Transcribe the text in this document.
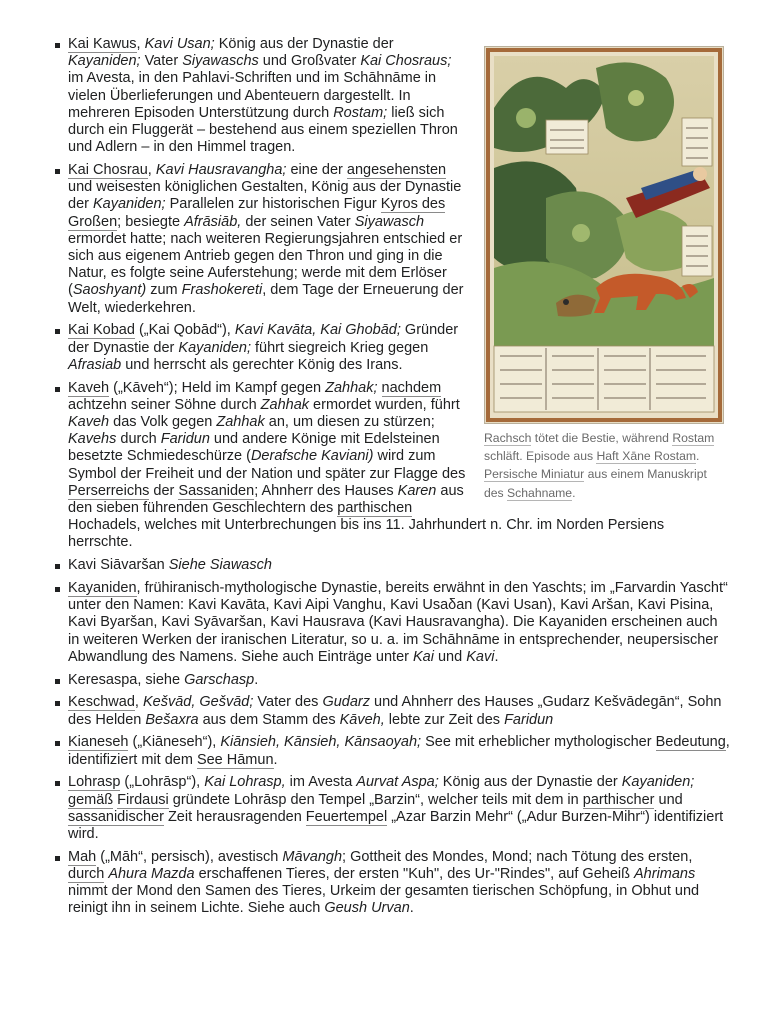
Rachsch tötet die Bestie, während Rostam schläft. Episode aus Haft Xāne Rostam. Persische Miniatur aus einem Manuskript des Schahname.
Kai Kawus, Kavi Usan; König aus der Dynastie der Kayaniden; Vater Siyawaschs und Großvater Kai Chosraus; im Avesta, in den Pahlavi-Schriften und im Schāhnāme in vielen Überlieferungen und Abenteuern dargestellt. In mehreren Episoden Unterstützung durch Rostam; ließ sich durch ein Fluggerät – bestehend aus einem speziellen Thron und Adlern – in den Himmel tragen.
Kai Chosrau, Kavi Hausravangha; eine der angesehensten und weisesten königlichen Gestalten, König aus der Dynastie der Kayaniden; Parallelen zur historischen Figur Kyros des Großen; besiegte Afrāsiāb, der seinen Vater Siyawasch ermordet hatte; nach weiteren Regierungsjahren entschied er sich aus eigenem Antrieb gegen den Thron und ging in die Natur, es folgte seine Auferstehung; werde mit dem Erlöser (Saoshyant) zum Frashokereti, dem Tage der Erneuerung der Welt, wiederkehren.
Kai Kobad („Kai Qobād“), Kavi Kavāta, Kai Ghobād; Gründer der Dynastie der Kayaniden; führt siegreich Krieg gegen Afrasiab und herrscht als gerechter König des Irans.
Kaveh („Kāveh“); Held im Kampf gegen Zahhak; nachdem achtzehn seiner Söhne durch Zahhak ermordet wurden, führt Kaveh das Volk gegen Zahhak an, um diesen zu stürzen; Kavehs durch Faridun und andere Könige mit Edelsteinen besetzte Schmiedeschürze (Derafsche Kaviani) wird zum Symbol der Freiheit und der Nation und später zur Flagge des Perserreichs der Sassaniden; Ahnherr des Hauses Karen aus den sieben führenden Geschlechtern des parthischen Hochadels, welches mit Unterbrechungen bis ins 11. Jahrhundert n. Chr. im Norden Persiens herrschte.
Kavi Siāvaršan Siehe Siawasch
Kayaniden, frühiranisch-mythologische Dynastie, bereits erwähnt in den Yaschts; im „Farvardin Yascht“ unter den Namen: Kavi Kavāta, Kavi Aipi Vanghu, Kavi Usaδan (Kavi Usan), Kavi Aršan, Kavi Pisina, Kavi Byaršan, Kavi Syāvaršan, Kavi Hausrava (Kavi Hausravangha). Die Kayaniden erscheinen auch in weiteren Werken der iranischen Literatur, so u. a. im Schāhnāme in entsprechender, neupersischer Abwandlung des Namens. Siehe auch Einträge unter Kai und Kavi.
Keresaspa, siehe Garschasp.
Keschwad, Kešvād, Gešvād; Vater des Gudarz und Ahnherr des Hauses „Gudarz Kešvādegān“, Sohn des Helden Bešaxra aus dem Stamm des Kāveh, lebte zur Zeit des Faridun
Kianeseh („Kiāneseh“), Kiānsieh, Kānsieh, Kānsaoyah; See mit erheblicher mythologischer Bedeutung, identifiziert mit dem See Hāmun.
Lohrasp („Lohrāsp“), Kai Lohrasp, im Avesta Aurvat Aspa; König aus der Dynastie der Kayaniden; gemäß Firdausi gründete Lohrāsp den Tempel „Barzin“, welcher teils mit dem in parthischer und sassanidischer Zeit herausragenden Feuertempel „Azar Barzin Mehr“ („Adur Burzen-Mihr“) identifiziert wird.
Mah („Māh“, persisch), avestisch Māvangh; Gottheit des Mondes, Mond; nach Tötung des ersten, durch Ahura Mazda erschaffenen Tieres, der ersten "Kuh", des Ur-"Rindes", auf Geheiß Ahrimans nimmt der Mond den Samen des Tieres, Urkeim der gesamten tierischen Schöpfung, in Obhut und reinigt ihn in seinem Lichte. Siehe auch Geush Urvan.
